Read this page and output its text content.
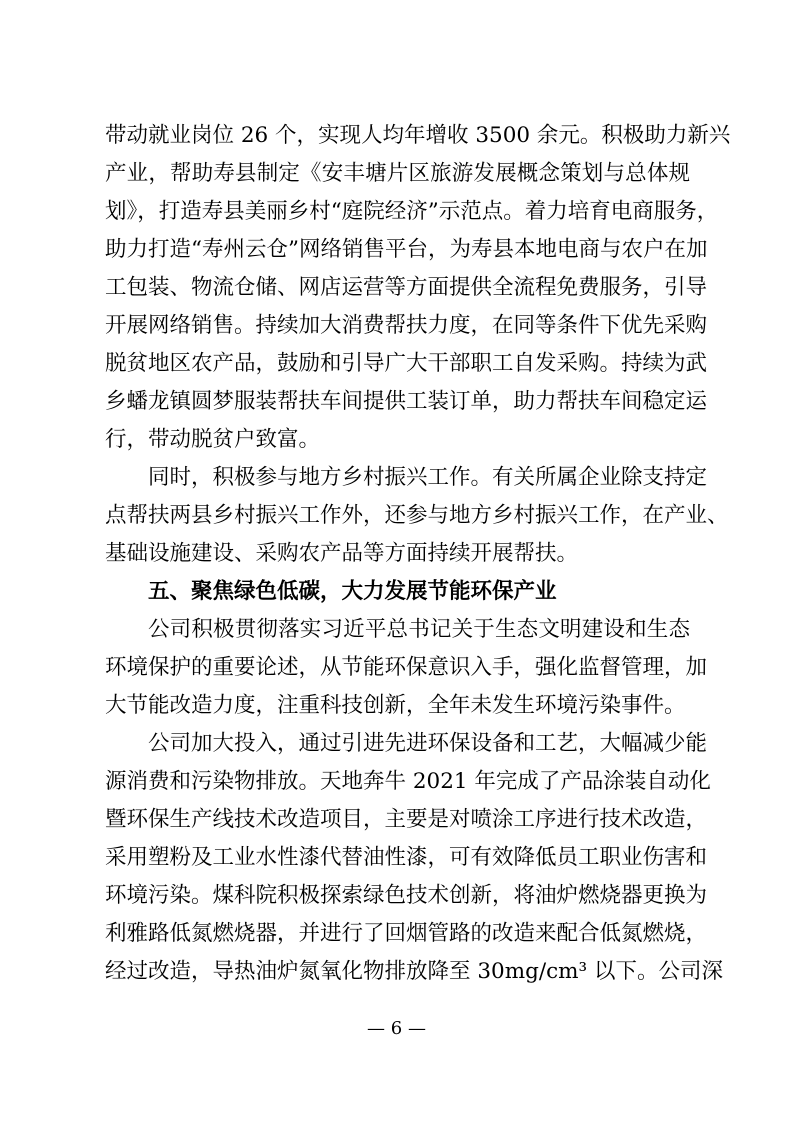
带动就业岗位 26 个，实现人均年增收 3500 余元。积极助力新兴
产业，帮助寿县制定《安丰塘片区旅游发展概念策划与总体规
划》，打造寿县美丽乡村“庭院经济”示范点。着力培育电商服务，
助力打造“寿州云仓”网络销售平台，为寿县本地电商与农户在加
工包装、物流仓储、网店运营等方面提供全流程免费服务，引导
开展网络销售。持续加大消费帮扶力度，在同等条件下优先采购
脱贫地区农产品，鼓励和引导广大干部职工自发采购。持续为武
乡蟠龙镇圆梦服装帮扶车间提供工装订单，助力帮扶车间稳定运
行，带动脱贫户致富。
同时，积极参与地方乡村振兴工作。有关所属企业除支持定
点帮扶两县乡村振兴工作外，还参与地方乡村振兴工作，在产业、
基础设施建设、采购农产品等方面持续开展帮扶。
五、聚焦绿色低碳，大力发展节能环保产业
公司积极贯彻落实习近平总书记关于生态文明建设和生态
环境保护的重要论述，从节能环保意识入手，强化监督管理，加
大节能改造力度，注重科技创新，全年未发生环境污染事件。
公司加大投入，通过引进先进环保设备和工艺，大幅减少能
源消费和污染物排放。天地奔牛 2021 年完成了产品涂装自动化
暨环保生产线技术改造项目，主要是对喷涂工序进行技术改造，
采用塑粉及工业水性漆代替油性漆，可有效降低员工职业伤害和
环境污染。煤科院积极探索绿色技术创新，将油炉燃烧器更换为
利雅路低氮燃烧器，并进行了回烟管路的改造来配合低氮燃烧，
经过改造，导热油炉氮氧化物排放降至 30mg/cm³ 以下。公司深
— 6 —
